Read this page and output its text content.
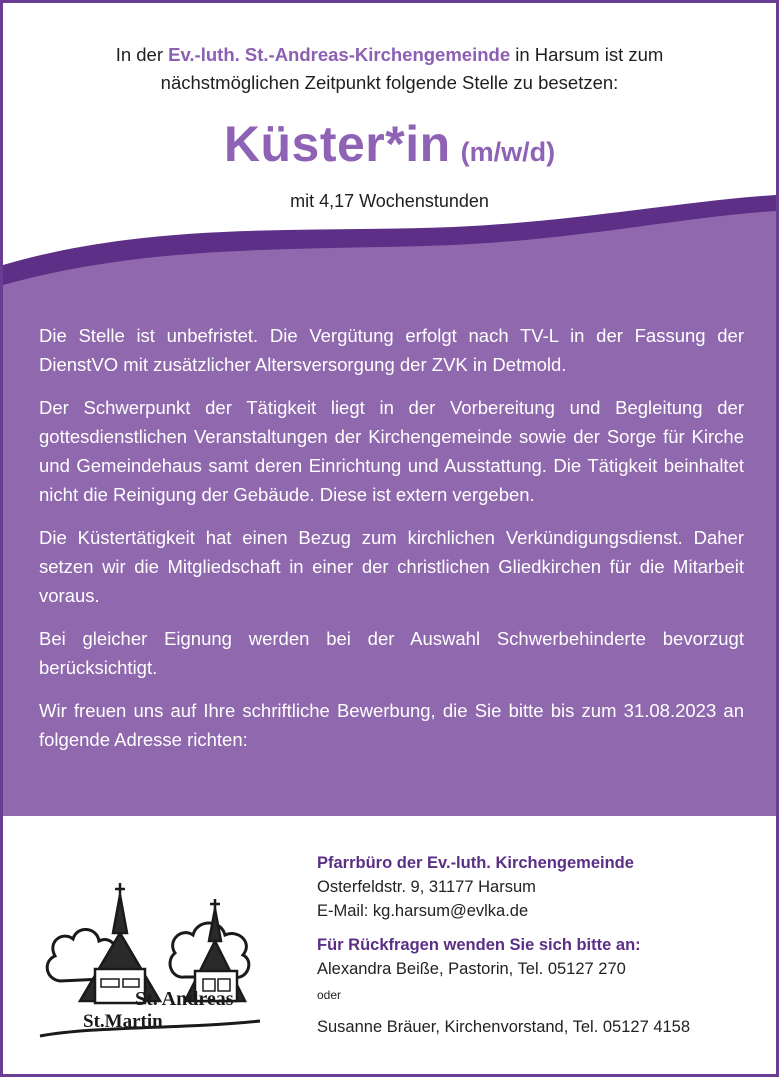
In der Ev.-luth. St.-Andreas-Kirchengemeinde in Harsum ist zum
nächstmöglichen Zeitpunkt folgende Stelle zu besetzen:
Küster*in (m/w/d)
mit 4,17 Wochenstunden

Die Stelle ist unbefristet. Die Vergütung erfolgt nach TV-L in der Fassung der DienstVO mit zusätzlicher Altersversorgung der ZVK in Detmold.

Der Schwerpunkt der Tätigkeit liegt in der Vorbereitung und Begleitung der gottesdienstlichen Veranstaltungen der Kirchengemeinde sowie der Sorge für Kirche und Gemeindehaus samt deren Einrichtung und Ausstattung. Die Tätigkeit beinhaltet nicht die Reinigung der Gebäude. Diese ist extern vergeben.

Die Küstertätigkeit hat einen Bezug zum kirchlichen Verkündigungsdienst. Daher setzen wir die Mitgliedschaft in einer der christlichen Gliedkirchen für die Mitarbeit voraus.

Bei gleicher Eignung werden bei der Auswahl Schwerbehinderte bevorzugt berücksichtigt.

Wir freuen uns auf Ihre schriftliche Bewerbung, die Sie bitte bis zum 31.08.2023 an folgende Adresse richten:

St. Andreas
St.Martin
Pfarrbüro der Ev.-luth. Kirchengemeinde
Osterfeldstr. 9, 31177 Harsum
E-Mail: kg.harsum@evlka.de
Für Rückfragen wenden Sie sich bitte an:
Alexandra Beiße, Pastorin, Tel. 05127 270
oder
Susanne Bräuer, Kirchenvorstand, Tel. 05127 4158
